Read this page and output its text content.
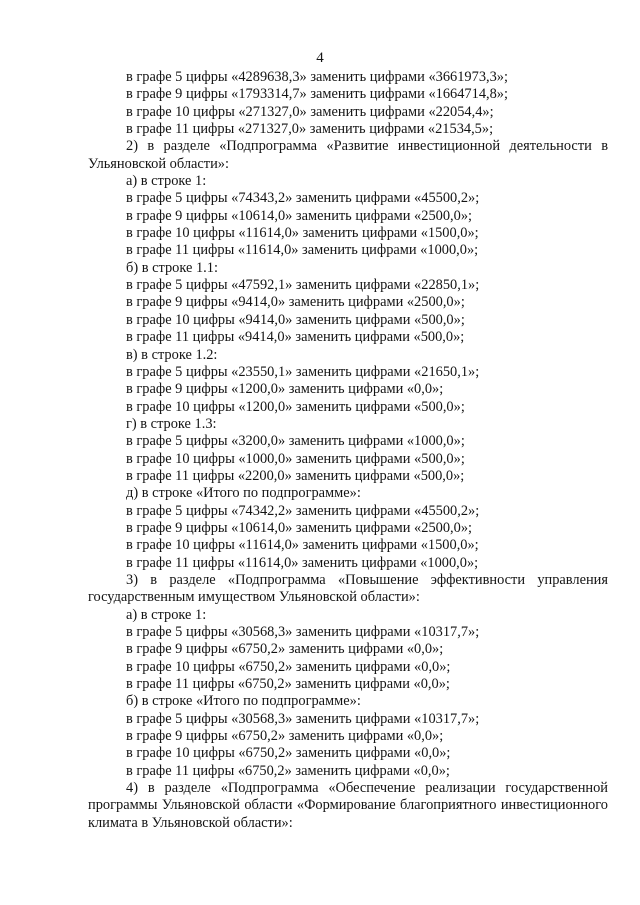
4
в графе 5 цифры «4289638,3» заменить цифрами «3661973,3»;
в графе 9 цифры «1793314,7» заменить цифрами «1664714,8»;
в графе 10 цифры «271327,0» заменить цифрами «22054,4»;
в графе 11 цифры «271327,0» заменить цифрами «21534,5»;

2) в разделе «Подпрограмма «Развитие инвестиционной деятельности в Ульяновской области»:

а) в строке 1:
в графе 5 цифры «74343,2» заменить цифрами «45500,2»;
в графе 9 цифры «10614,0» заменить цифрами «2500,0»;
в графе 10 цифры «11614,0» заменить цифрами «1500,0»;
в графе 11 цифры «11614,0» заменить цифрами «1000,0»;
б) в строке 1.1:
в графе 5 цифры «47592,1» заменить цифрами «22850,1»;
в графе 9 цифры «9414,0» заменить цифрами «2500,0»;
в графе 10 цифры «9414,0» заменить цифрами «500,0»;
в графе 11 цифры «9414,0» заменить цифрами «500,0»;
в) в строке 1.2:
в графе 5 цифры «23550,1» заменить цифрами «21650,1»;
в графе 9 цифры «1200,0» заменить цифрами «0,0»;
в графе 10 цифры «1200,0» заменить цифрами «500,0»;
г) в строке 1.3:
в графе 5 цифры «3200,0» заменить цифрами «1000,0»;
в графе 10 цифры «1000,0» заменить цифрами «500,0»;
в графе 11 цифры «2200,0» заменить цифрами «500,0»;
д) в строке «Итого по подпрограмме»:
в графе 5 цифры «74342,2» заменить цифрами «45500,2»;
в графе 9 цифры «10614,0» заменить цифрами «2500,0»;
в графе 10 цифры «11614,0» заменить цифрами «1500,0»;
в графе 11 цифры «11614,0» заменить цифрами «1000,0»;

3) в разделе «Подпрограмма «Повышение эффективности управления государственным имуществом Ульяновской области»:

а) в строке 1:
в графе 5 цифры «30568,3» заменить цифрами «10317,7»;
в графе 9 цифры «6750,2» заменить цифрами «0,0»;
в графе 10 цифры «6750,2» заменить цифрами «0,0»;
в графе 11 цифры «6750,2» заменить цифрами «0,0»;
б) в строке «Итого по подпрограмме»:
в графе 5 цифры «30568,3» заменить цифрами «10317,7»;
в графе 9 цифры «6750,2» заменить цифрами «0,0»;
в графе 10 цифры «6750,2» заменить цифрами «0,0»;
в графе 11 цифры «6750,2» заменить цифрами «0,0»;

4) в разделе «Подпрограмма «Обеспечение реализации государственной программы Ульяновской области «Формирование благоприятного инвестиционного климата в Ульяновской области»:
